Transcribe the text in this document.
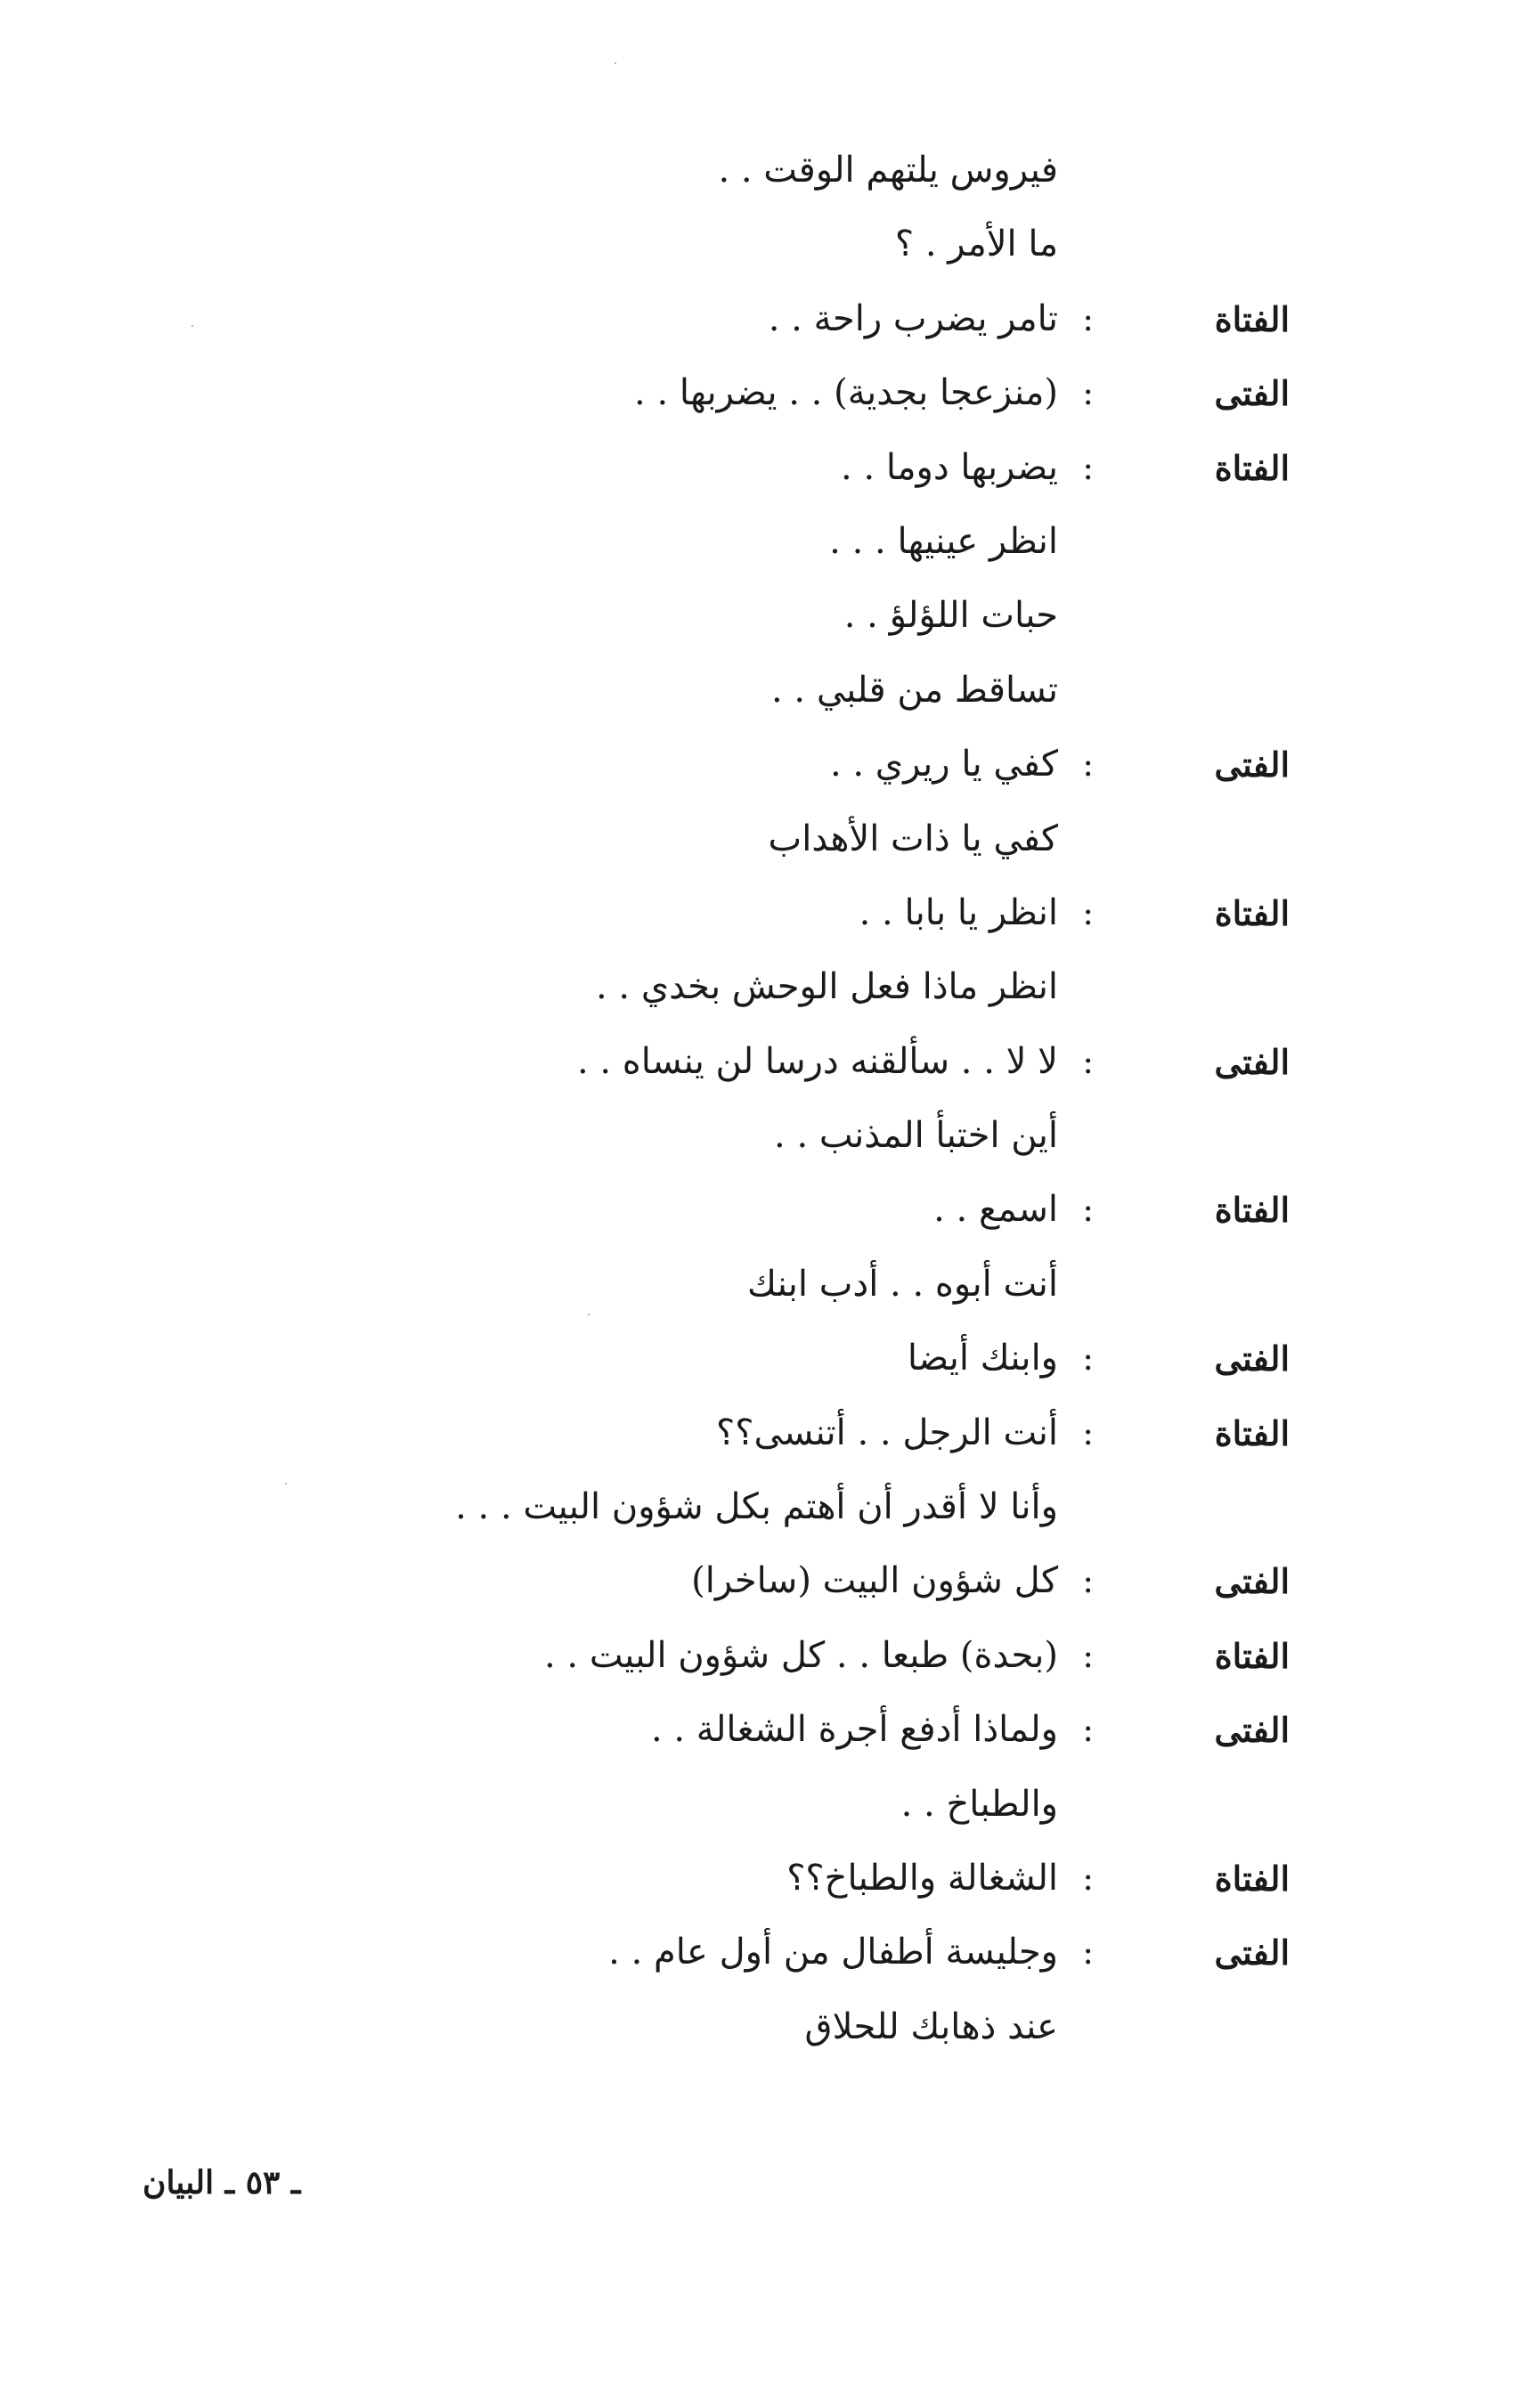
فيروس يلتهم الوقت . .
ما الأمر . ؟
الفتاة
:
تامر يضرب راحة . .
الفتى
:
(منزعجا بجدية) . . يضربها . .
الفتاة
:
يضربها دوما . .
انظر عينيها . . .
حبات اللؤلؤ . .
تساقط من قلبي . .
الفتى
:
كفي يا ريري . .
كفي يا ذات الأهداب
الفتاة
:
انظر يا بابا . .
انظر ماذا فعل الوحش بخدي . .
الفتى
:
لا لا . . سألقنه درسا لن ينساه . .
أين اختبأ المذنب . .
الفتاة
:
اسمع . .
أنت أبوه . . أدب ابنك
الفتى
:
وابنك أيضا
الفتاة
:
أنت الرجل . . أتنسى؟؟
وأنا لا أقدر أن أهتم بكل شؤون البيت . . .
الفتى
:
كل شؤون البيت (ساخرا)
الفتاة
:
(بحدة) طبعا . . كل شؤون البيت . .
الفتى
:
ولماذا أدفع أجرة الشغالة . .
والطباخ . .
الفتاة
:
الشغالة والطباخ؟؟
الفتى
:
وجليسة أطفال من أول عام . .
عند ذهابك للحلاق
ـ ٥٣ ـ البيان
